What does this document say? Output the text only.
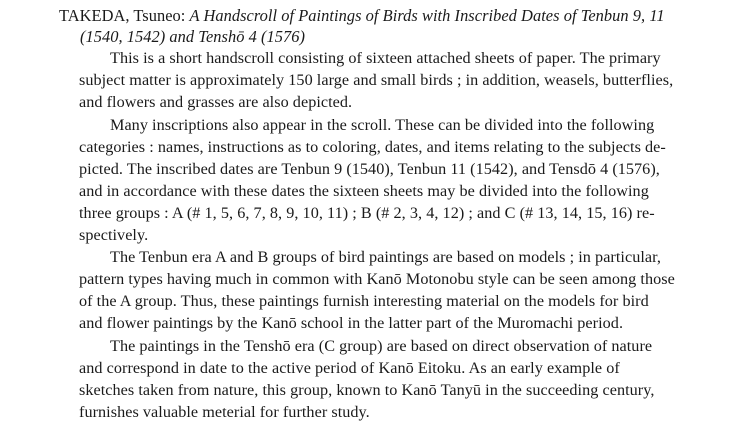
TAKEDA, Tsuneo: A Handscroll of Paintings of Birds with Inscribed Dates of Tenbun 9, 11
(1540, 1542) and Tenshō 4 (1576)
This is a short handscroll consisting of sixteen attached sheets of paper. The primary
subject matter is approximately 150 large and small birds ; in addition, weasels, butterflies,
and flowers and grasses are also depicted.
Many inscriptions also appear in the scroll. These can be divided into the following
categories : names, instructions as to coloring, dates, and items relating to the subjects de-
picted. The inscribed dates are Tenbun 9 (1540), Tenbun 11 (1542), and Tensdō 4 (1576),
and in accordance with these dates the sixteen sheets may be divided into the following
three groups : A (# 1, 5, 6, 7, 8, 9, 10, 11) ; B (# 2, 3, 4, 12) ; and C (# 13, 14, 15, 16) re-
spectively.
The Tenbun era A and B groups of bird paintings are based on models ; in particular,
pattern types having much in common with Kanō Motonobu style can be seen among those
of the A group. Thus, these paintings furnish interesting material on the models for bird
and flower paintings by the Kanō school in the latter part of the Muromachi period.
The paintings in the Tenshō era (C group) are based on direct observation of nature
and correspond in date to the active period of Kanō Eitoku. As an early example of
sketches taken from nature, this group, known to Kanō Tanyū in the succeeding century,
furnishes valuable meterial for further study.
